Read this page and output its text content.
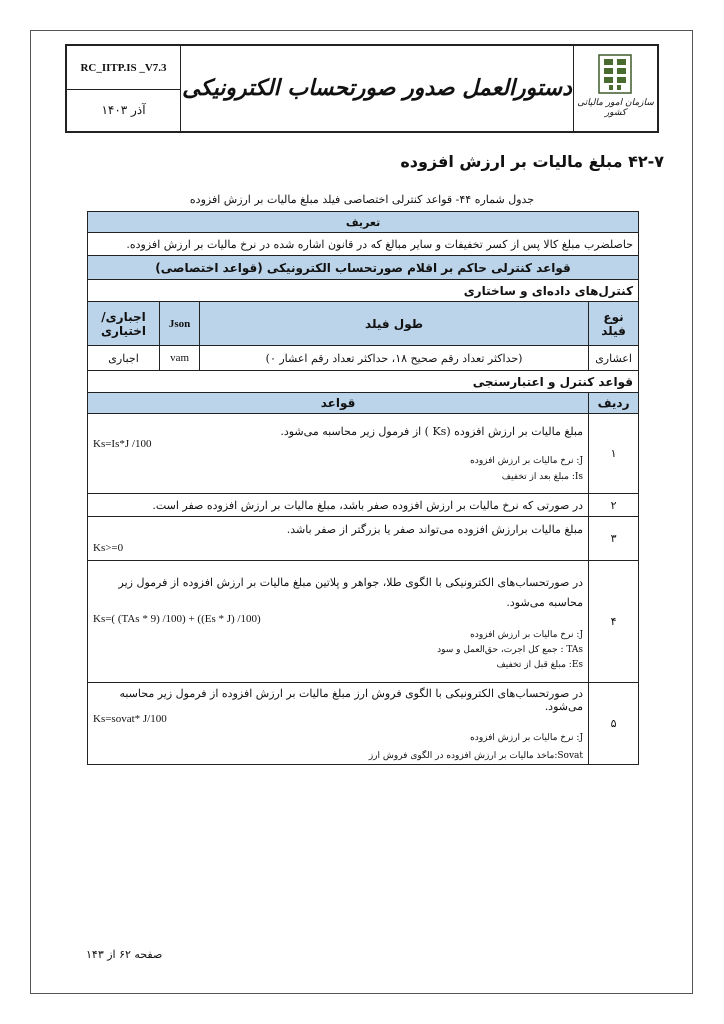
RC_IITP.IS _V7.3
آذر ۱۴۰۳
دستورالعمل صدور صورتحساب الکترونیکی
سازمان امور مالیاتی کشور
۴۲-۷ مبلغ مالیات بر ارزش افزوده
جدول شماره ۴۴- قواعد کنترلی اختصاصی فیلد مبلغ مالیات بر ارزش افزوده
تعریف			
حاصلضرب مبلغ کالا پس از کسر تخفیفات و سایر مبالغ که در قانون اشاره شده در نرخ مالیات بر ارزش افزوده.			
قواعد کنترلی حاکم بر اقلام صورتحساب الکترونیکی (قواعد اختصاصی)			
کنترل‌های داده‌ای و ساختاری			
نوع فیلد	طول فیلد	Json	اجباری/ اختیاری
اعشاری	(حداکثر تعداد رقم صحیح ۱۸، حداکثر تعداد رقم اعشار ۰)	vam	اجباری
قواعد کنترل و اعتبارسنجی			
ردیف	قواعد		
۱	مبلغ مالیات بر ارزش افزوده (Ks ) از فرمول زیر محاسبه می‌شود.
Ks=Is*J /100
J: نرخ مالیات بر ارزش افزوده
Is: مبلغ بعد از تخفیف		

۲	در صورتی که نرخ مالیات بر ارزش افزوده صفر باشد، مبلغ مالیات بر ارزش افزوده صفر است.		
۳	مبلغ مالیات برارزش افزوده می‌تواند صفر یا بزرگتر از صفر باشد.
Ks>=0		

۴	در صورتحساب‌های الکترونیکی با الگوی طلا، جواهر و پلاتین مبلغ مالیات بر ارزش افزوده از فرمول زیر محاسبه می‌شود.
Ks=( (TAs * 9) /100) + ((Es * J) /100)
J: نرخ مالیات بر ارزش افزوده
TAs : جمع کل اجرت، حق‌العمل و سود
Es: مبلغ قبل از تخفیف		

۵	در صورتحساب‌های الکترونیکی با الگوی فروش ارز مبلغ مالیات بر ارزش افزوده از فرمول زیر محاسبه می‌شود.
Ks=sovat* J/100
J: نرخ مالیات بر ارزش افزوده
Sovat:ماخذ مالیات بر ارزش افزوده در الگوی فروش ارز		
صفحه ۶۲ از ۱۴۳
